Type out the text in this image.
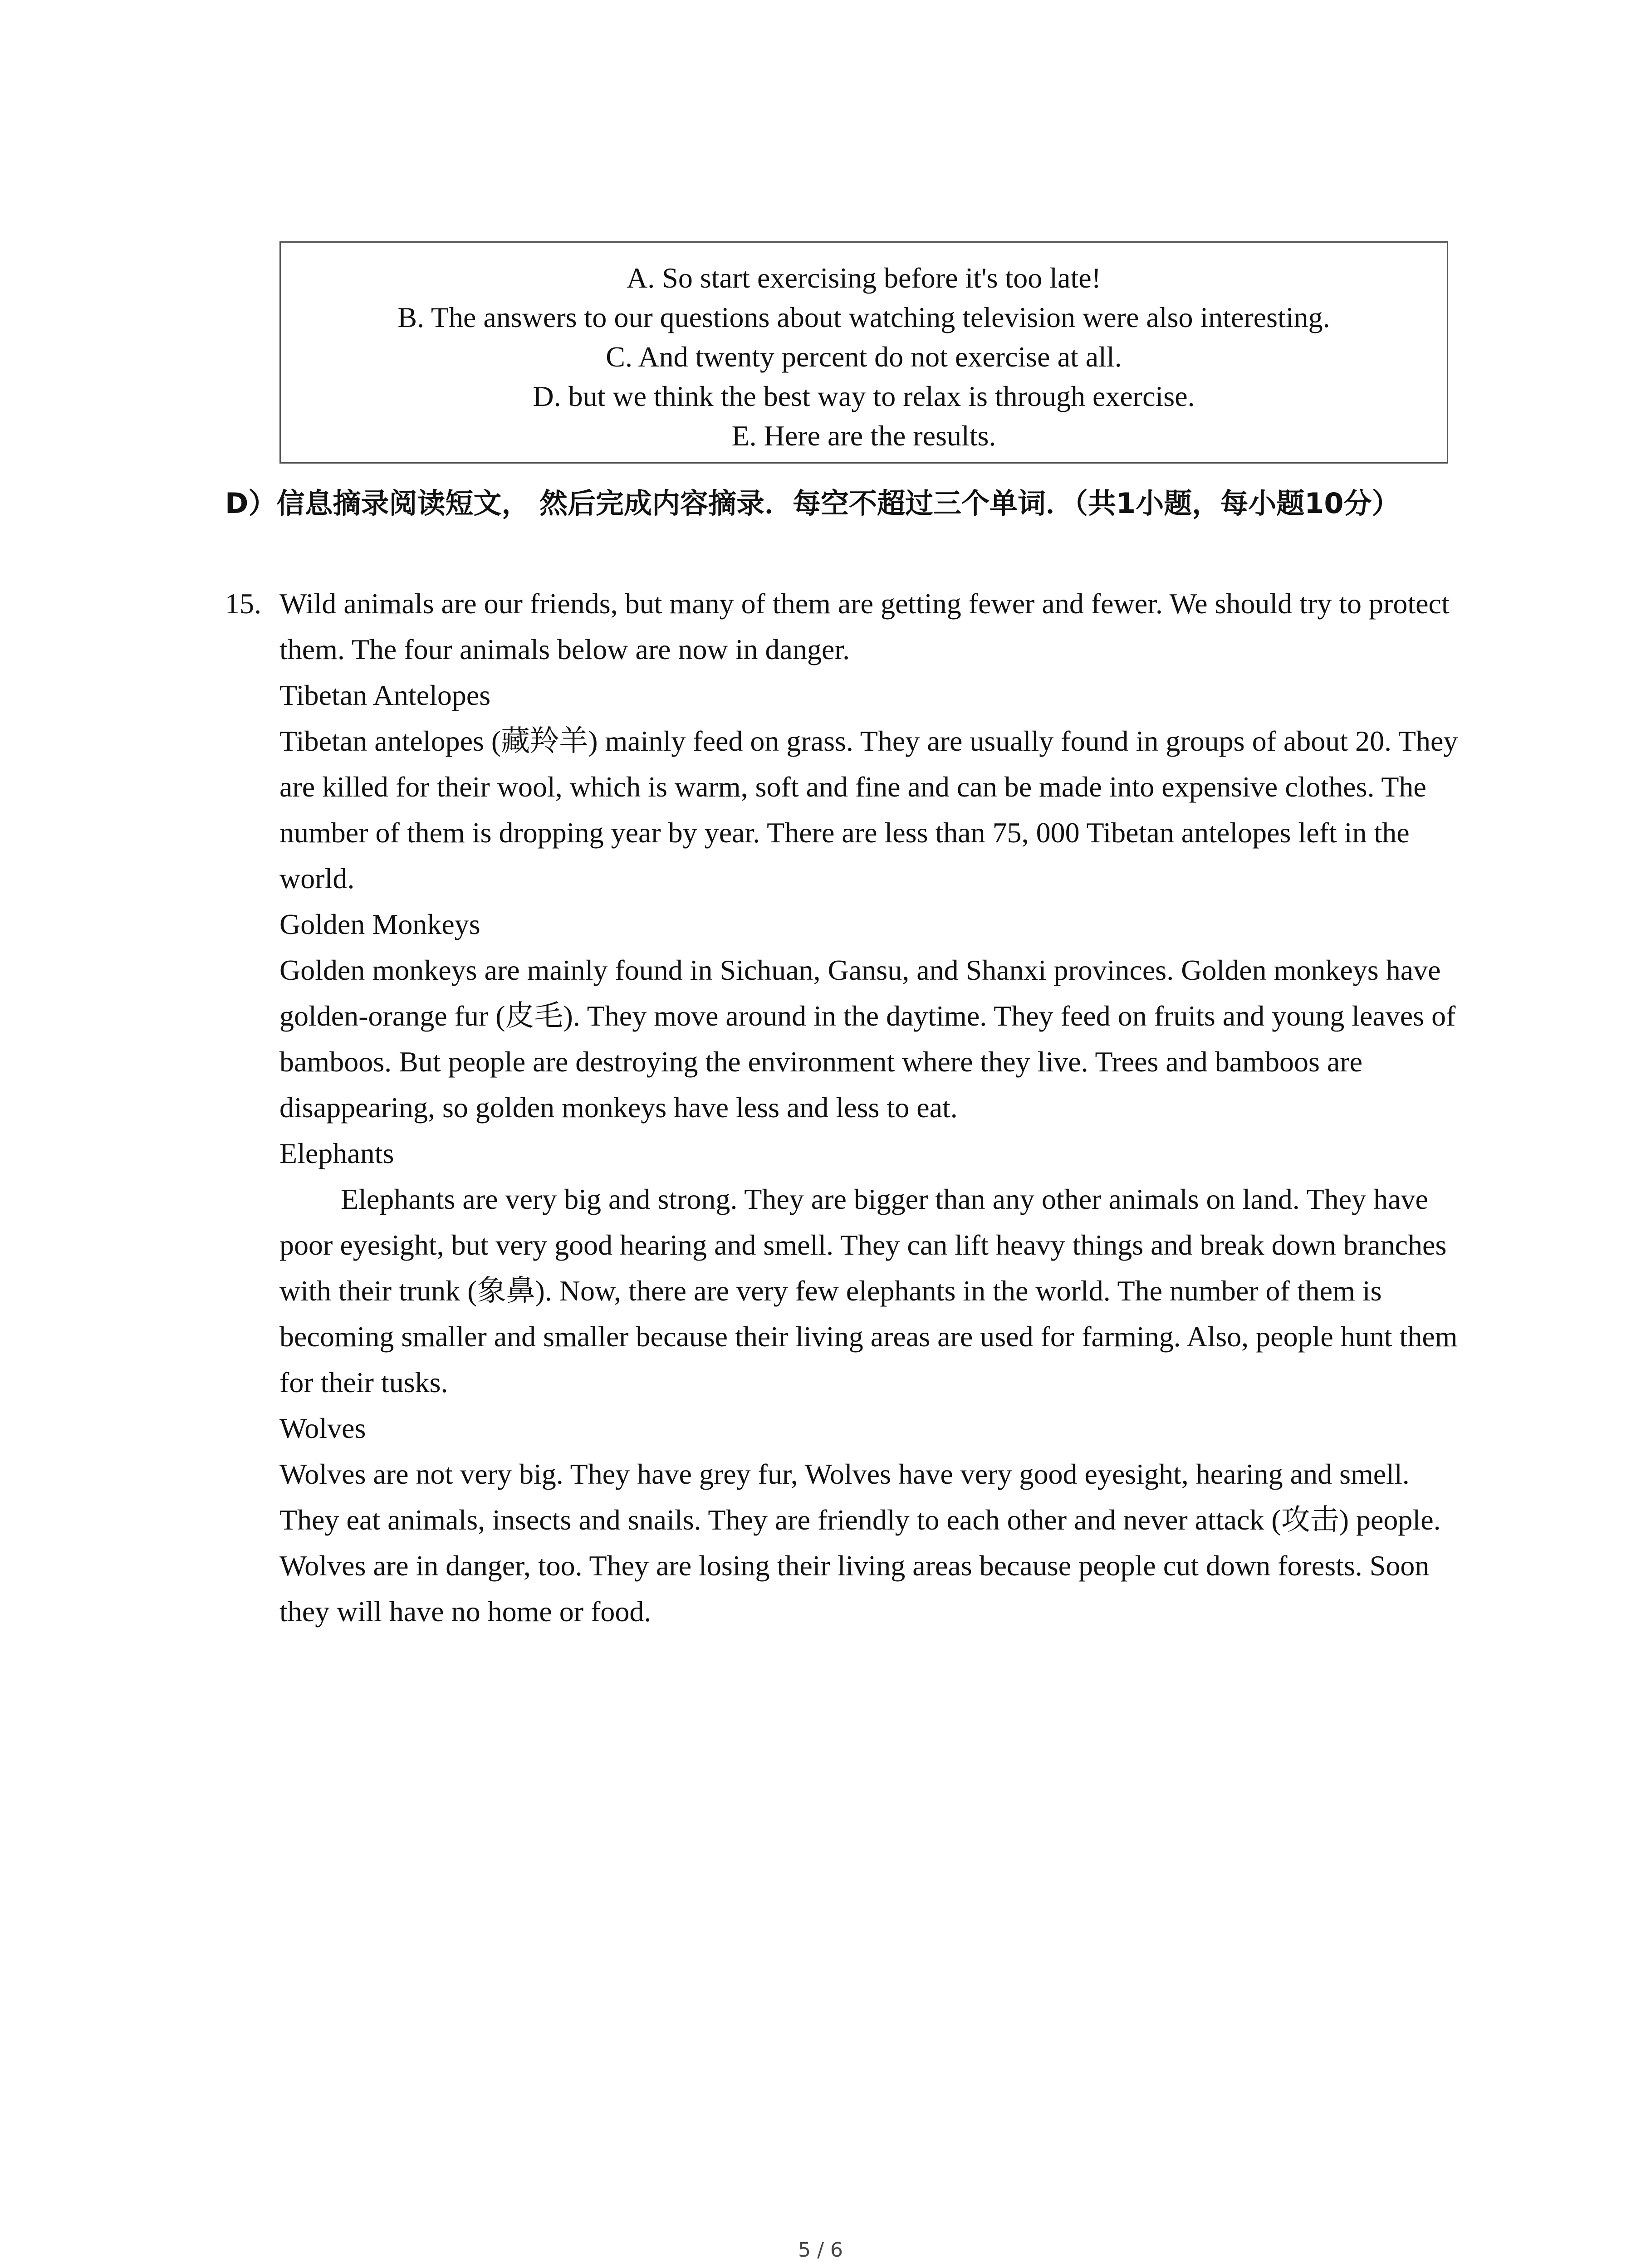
A. So start exercising before it's too late!
B. The answers to our questions about watching television were also interesting.
C. And twenty percent do not exercise at all.
D. but we think the best way to relax is through exercise.
E. Here are the results.
D）信息摘录阅读短文， 然后完成内容摘录．每空不超过三个单词．（共1小题，每小题10分）
15. Wild animals are our friends, but many of them are getting fewer and fewer. We should try to protect them. The four animals below are now in danger.

Tibetan Antelopes

Tibetan antelopes (藏羚羊) mainly feed on grass. They are usually found in groups of about 20. They are killed for their wool, which is warm, soft and fine and can be made into expensive clothes. The number of them is dropping year by year. There are less than 75, 000 Tibetan antelopes left in the world.

Golden Monkeys

Golden monkeys are mainly found in Sichuan, Gansu, and Shanxi provinces. Golden monkeys have golden-orange fur (皮毛). They move around in the daytime. They feed on fruits and young leaves of bamboos. But people are destroying the environment where they live. Trees and bamboos are disappearing, so golden monkeys have less and less to eat.

Elephants

Elephants are very big and strong. They are bigger than any other animals on land. They have poor eyesight, but very good hearing and smell. They can lift heavy things and break down branches with their trunk (象鼻). Now, there are very few elephants in the world. The number of them is becoming smaller and smaller because their living areas are used for farming. Also, people hunt them for their tusks.

Wolves

Wolves are not very big. They have grey fur, Wolves have very good eyesight, hearing and smell. They eat animals, insects and snails. They are friendly to each other and never attack (攻击) people. Wolves are in danger, too. They are losing their living areas because people cut down forests. Soon they will have no home or food.

5 / 6
